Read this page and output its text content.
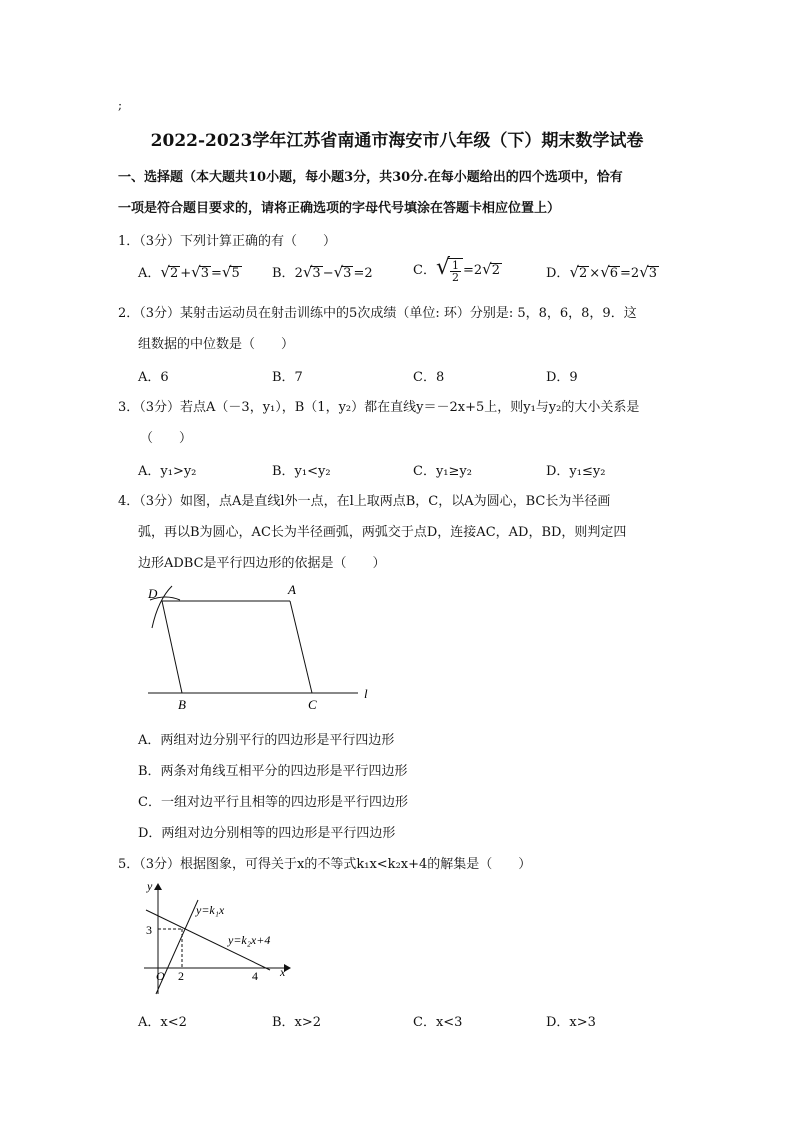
;
2022-2023学年江苏省南通市海安市八年级（下）期末数学试卷
一、选择题（本大题共10小题，每小题3分，共30分.在每小题给出的四个选项中，恰有
一项是符合题目要求的，请将正确选项的字母代号填涂在答题卡相应位置上）
1．（3分）下列计算正确的有（　　）
A．√2 +√3 =√5 B．2√3 −√3 =2	C．√
$\frac{1}{2} =2√2$	D．√2 ×√6 =2√3
2．（3分）某射击运动员在射击训练中的5次成绩（单位: 环）分别是: 5，8，6，8，9．这
组数据的中位数是（　　）
A．6	B．7	C．8	D．9
3．（3分）若点A（－3，y₁），B（1，y₂）都在直线y＝－2x+5上，则y₁与y₂的大小关系是
（　　）
A．y₁>y₂	B．y₁<y₂	C．y₁≥y₂	D．y₁≤y₂
4．（3分）如图，点A是直线l外一点，在l上取两点B，C，以A为圆心，BC长为半径画
弧，再以B为圆心，AC长为半径画弧，两弧交于点D，连接AC，AD，BD，则判定四
边形ADBC是平行四边形的依据是（　　）
D	A
B	C
l
A．两组对边分别平行的四边形是平行四边形
B．两条对角线互相平分的四边形是平行四边形
C．一组对边平行且相等的四边形是平行四边形
D．两组对边分别相等的四边形是平行四边形
5．（3分）根据图象，可得关于x的不等式k₁x<k₂x+4的解集是（　　）
y
x
O
3
2	4
y=k₁x
y=k₂x+4
A．x<2	B．x>2	C．x<3	D．x>3
